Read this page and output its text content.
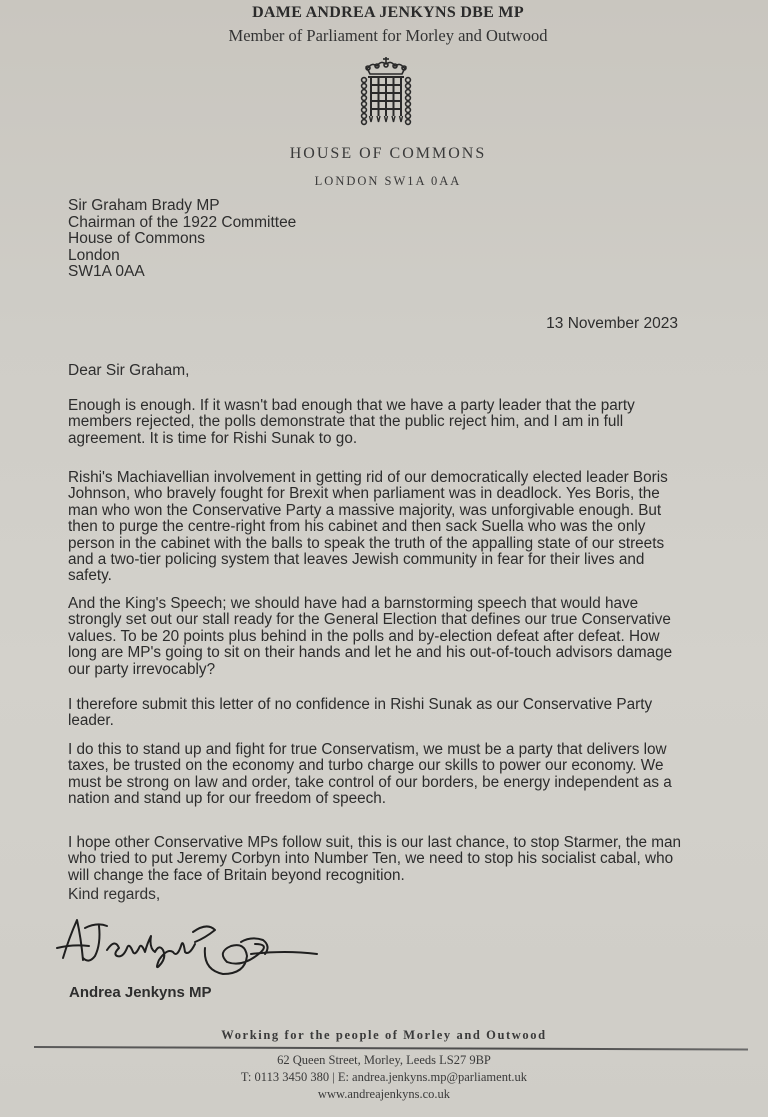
DAME ANDREA JENKYNS DBE MP
Member of Parliament for Morley and Outwood
HOUSE OF COMMONS
LONDON SW1A 0AA
Sir Graham Brady MP
Chairman of the 1922 Committee
House of Commons
London
SW1A 0AA
13 November 2023
Dear Sir Graham,

Enough is enough. If it wasn't bad enough that we have a party leader that the party members rejected, the polls demonstrate that the public reject him, and I am in full agreement. It is time for Rishi Sunak to go.

Rishi's Machiavellian involvement in getting rid of our democratically elected leader Boris Johnson, who bravely fought for Brexit when parliament was in deadlock. Yes Boris, the man who won the Conservative Party a massive majority, was unforgivable enough. But then to purge the centre-right from his cabinet and then sack Suella who was the only person in the cabinet with the balls to speak the truth of the appalling state of our streets and a two-tier policing system that leaves Jewish community in fear for their lives and safety.

And the King's Speech; we should have had a barnstorming speech that would have strongly set out our stall ready for the General Election that defines our true Conservative values. To be 20 points plus behind in the polls and by-election defeat after defeat. How long are MP's going to sit on their hands and let he and his out-of-touch advisors damage our party irrevocably?

I therefore submit this letter of no confidence in Rishi Sunak as our Conservative Party leader.

I do this to stand up and fight for true Conservatism, we must be a party that delivers low taxes, be trusted on the economy and turbo charge our skills to power our economy. We must be strong on law and order, take control of our borders, be energy independent as a nation and stand up for our freedom of speech.

I hope other Conservative MPs follow suit, this is our last chance, to stop Starmer, the man who tried to put Jeremy Corbyn into Number Ten, we need to stop his socialist cabal, who will change the face of Britain beyond recognition.

Kind regards,
Andrea Jenkyns MP
Working for the people of Morley and Outwood
62 Queen Street, Morley, Leeds LS27 9BP
T: 0113 3450 380 | E: andrea.jenkyns.mp@parliament.uk
www.andreajenkyns.co.uk
